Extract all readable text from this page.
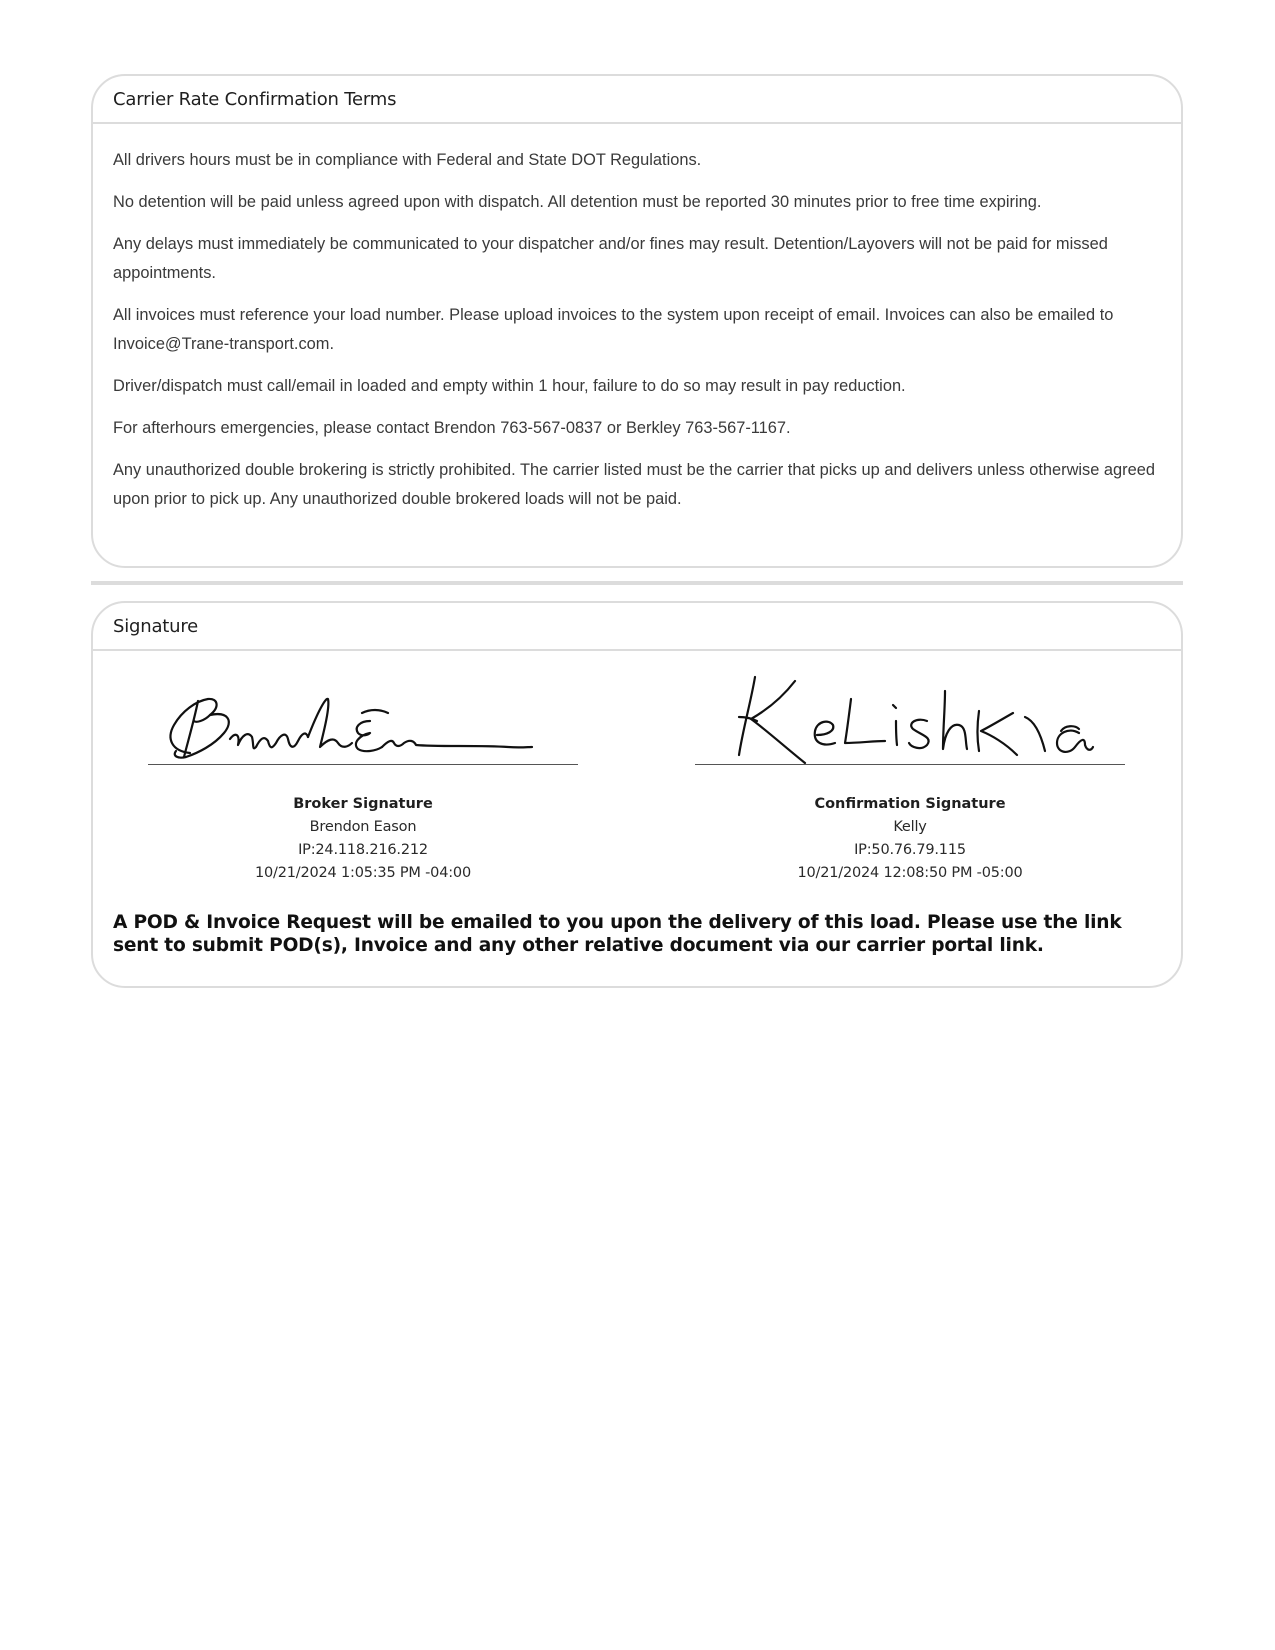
Carrier Rate Confirmation Terms

All drivers hours must be in compliance with Federal and State DOT Regulations.

No detention will be paid unless agreed upon with dispatch. All detention must be reported 30 minutes prior to free time expiring.

Any delays must immediately be communicated to your dispatcher and/or fines may result. Detention/Layovers will not be paid for missed appointments.

All invoices must reference your load number. Please upload invoices to the system upon receipt of email. Invoices can also be emailed to Invoice@Trane-transport.com.

Driver/dispatch must call/email in loaded and empty within 1 hour, failure to do so may result in pay reduction.

For afterhours emergencies, please contact Brendon 763-567-0837 or Berkley 763-567-1167.

Any unauthorized double brokering is strictly prohibited. The carrier listed must be the carrier that picks up and delivers unless otherwise agreed upon prior to pick up. Any unauthorized double brokered loads will not be paid.

Signature
Broker Signature
Brendon Eason
IP:24.118.216.212
10/21/2024 1:05:35 PM -04:00
Confirmation Signature
Kelly
IP:50.76.79.115
10/21/2024 12:08:50 PM -05:00
A POD & Invoice Request will be emailed to you upon the delivery of this load. Please use the link sent to submit POD(s), Invoice and any other relative document via our carrier portal link.
